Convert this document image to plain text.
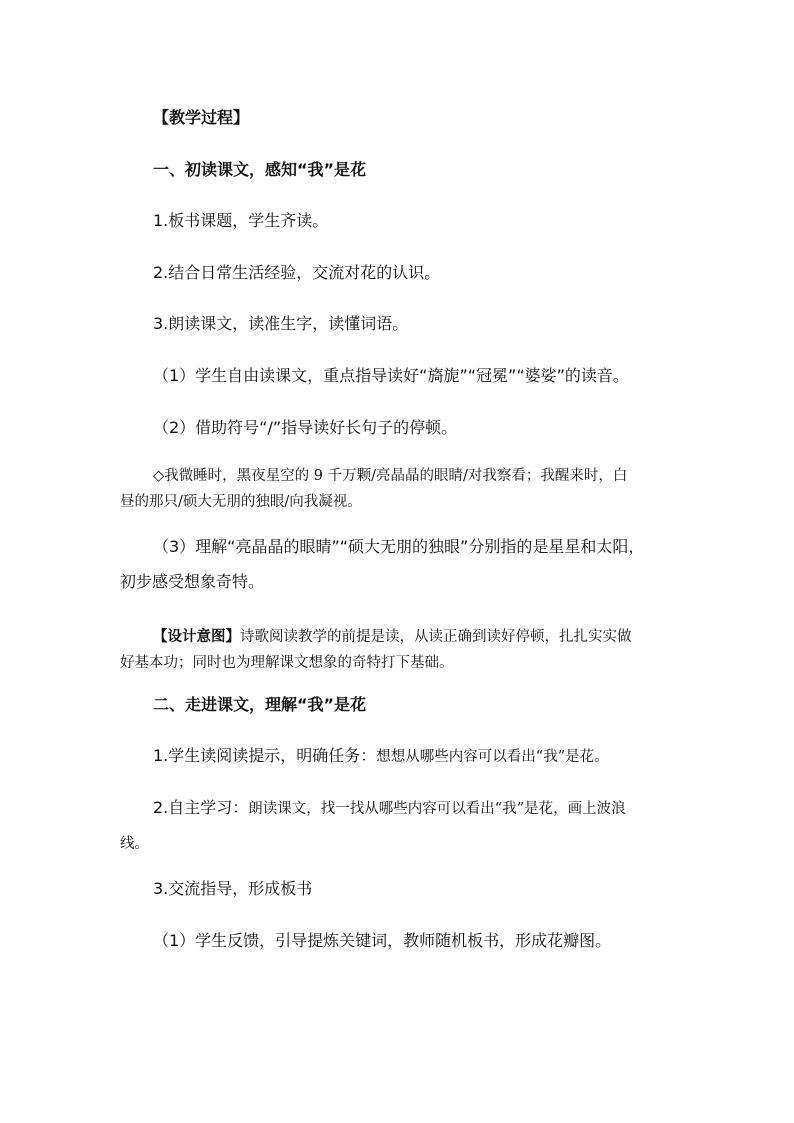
【教学过程】
一、初读课文，感知“我”是花
1.板书课题，学生齐读。
2.结合日常生活经验，交流对花的认识。
3.朗读课文，读准生字，读懂词语。
（1）学生自由读课文，重点指导读好“旖旎”“冠冕”“婆娑”的读音。
（2）借助符号“/”指导读好长句子的停顿。
◇我微睡时，黑夜星空的 9 千万颗/亮晶晶的眼睛/对我察看；我醒来时，白
昼的那只/硕大无朋的独眼/向我凝视。
（3）理解“亮晶晶的眼睛”“硕大无朋的独眼”分别指的是星星和太阳，
初步感受想象奇特。
【设计意图】诗歌阅读教学的前提是读，从读正确到读好停顿，扎扎实实做
好基本功；同时也为理解课文想象的奇特打下基础。
二、走进课文，理解“我”是花
1.学生读阅读提示，明确任务：想想从哪些内容可以看出“我”是花。
2.自主学习：朗读课文，找一找从哪些内容可以看出“我”是花，画上波浪
线。
3.交流指导，形成板书
（1）学生反馈，引导提炼关键词，教师随机板书，形成花瓣图。
